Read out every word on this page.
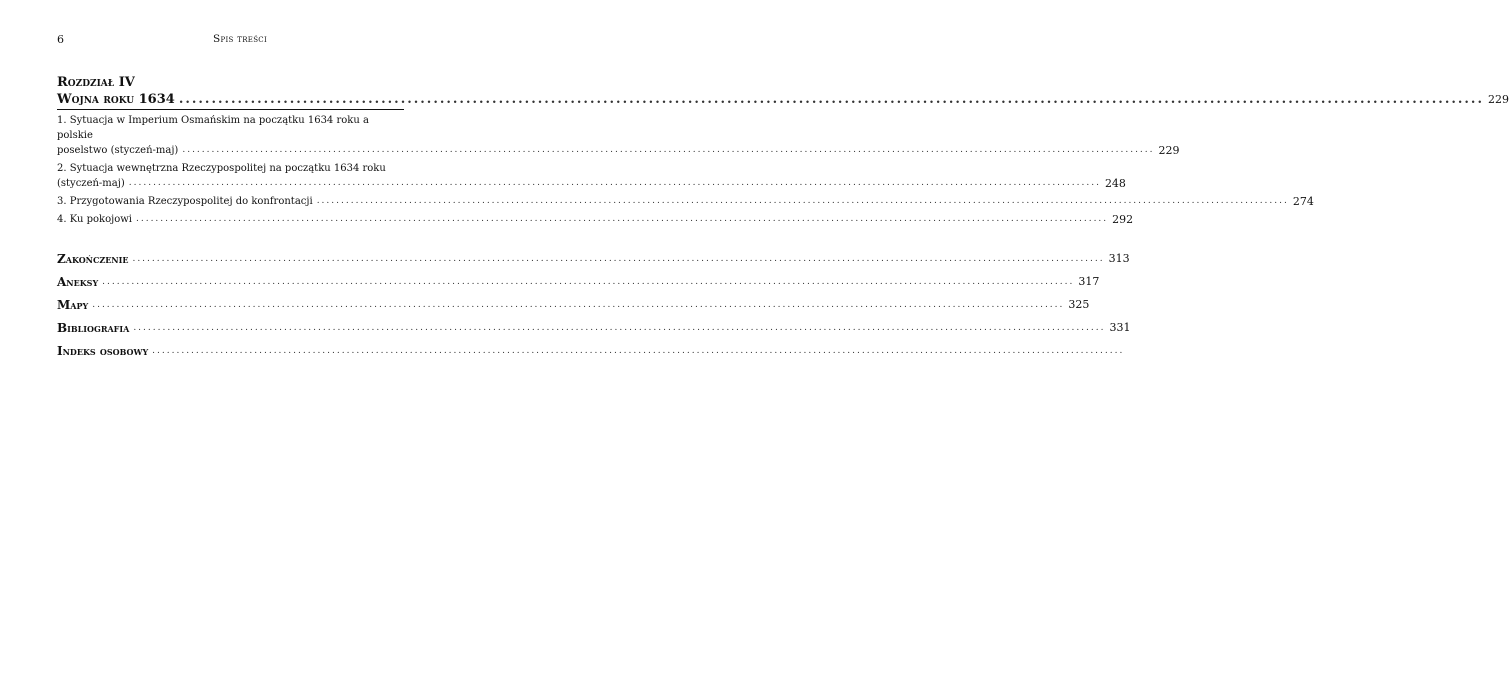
6	Spis treści
Rozdział IV
Wojna roku 1634 ........................................................................................................................................................................................................ 229
1. Sytuacja w Imperium Osmańskim na początku 1634 roku a polskie
poselstwo (styczeń-maj) ........................................................................................................................................................................................................ 229
2. Sytuacja wewnętrzna Rzeczypospolitej na początku 1634 roku
(styczeń-maj) ........................................................................................................................................................................................................ 248
3. Przygotowania Rzeczypospolitej do konfrontacji ........................................................................................................................................................................................................ 274
4. Ku pokojowi ........................................................................................................................................................................................................ 292
Zakończenie ........................................................................................................................................................................................................ 313
Aneksy ........................................................................................................................................................................................................ 317
Mapy ........................................................................................................................................................................................................ 325
Bibliografia ........................................................................................................................................................................................................ 331
Indeks osobowy ........................................................................................................................................................................................................
